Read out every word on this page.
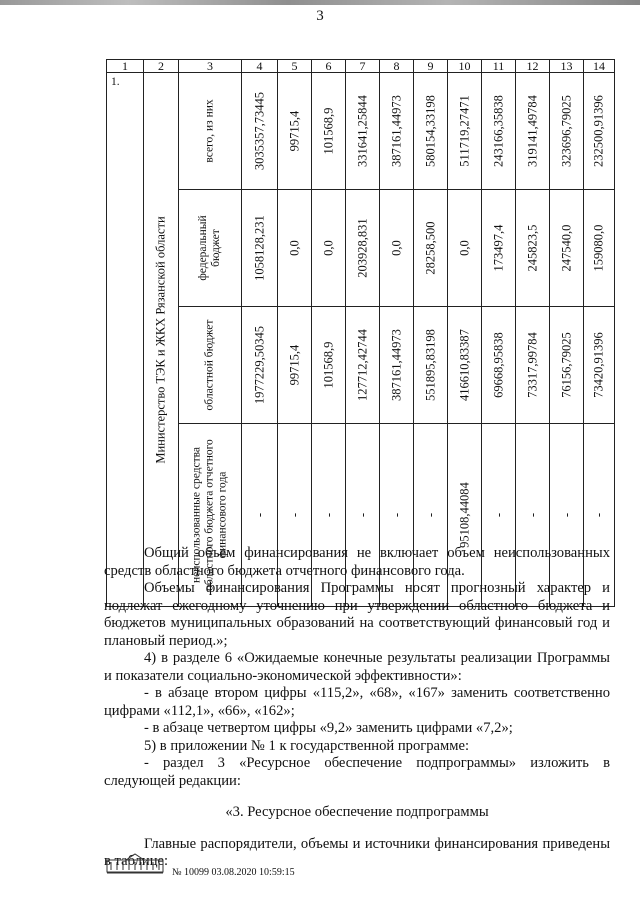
3
1	2	3	4	5	6	7	8	9	10	11	12	13	14

1.	Министерство ТЭК и ЖКХ Рязанской области	всего, из них	3035357,73445	99715,4	101568,9	331641,25844	387161,44973	580154,33198	511719,27471	243166,35838	319141,49784	323696,79025	232500,91396

		федеральный бюджет	1058128,231	0,0	0,0	203928,831	0,0	28258,500	0,0	173497,4	245823,5	247540,0	159080,0

		областной бюджет	1977229,50345	99715,4	101568,9	127712,42744	387161,44973	551895,83198	416610,83387	69668,95838	73317,99784	76156,79025	73420,91396

		неиспользованные средства областного бюджета отчетного финансового года	-	-	-	-	-	-	95108,44084	-	-	-	-

Общий объем финансирования не включает объем неиспользованных средств областного бюджета отчетного финансового года.

Объемы финансирования Программы носят прогнозный характер и подлежат ежегодному уточнению при утверждении областного бюджета и бюджетов муниципальных образований на соответствующий финансовый год и плановый период.»;

4) в разделе 6 «Ожидаемые конечные результаты реализации Программы и показатели социально-экономической эффективности»:

- в абзаце втором цифры «115,2», «68», «167» заменить соответственно цифрами «112,1», «66», «162»;

- в абзаце четвертом цифры «9,2» заменить цифрами «7,2»;

5) в приложении № 1 к государственной программе:

- раздел 3 «Ресурсное обеспечение подпрограммы» изложить в следующей редакции:

«3. Ресурсное обеспечение подпрограммы

Главные распорядители, объемы и источники финансирования приведены в таблице:

№ 10099 03.08.2020 10:59:15
